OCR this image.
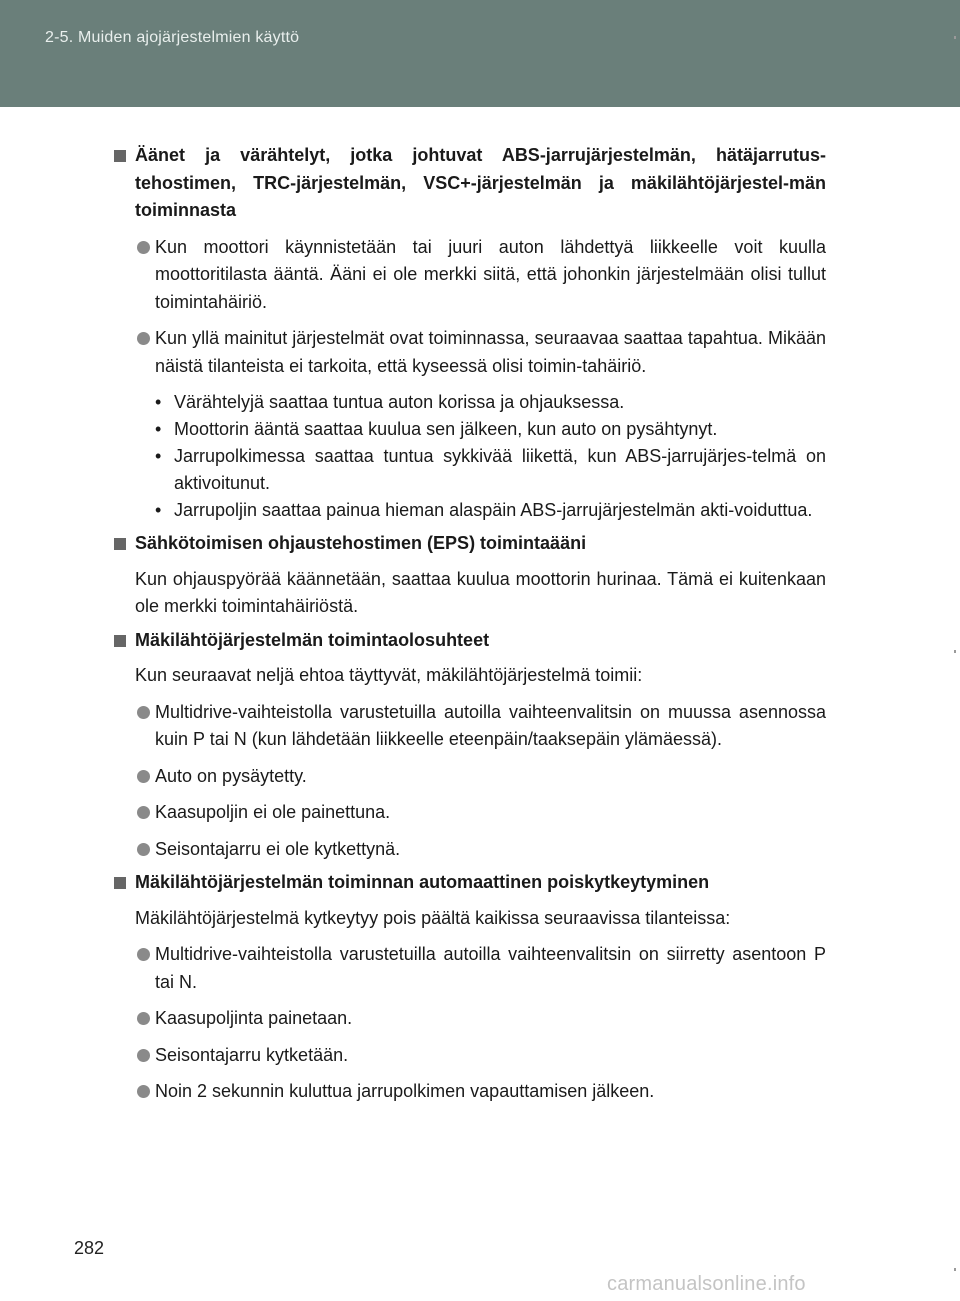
2-5. Muiden ajojärjestelmien käyttö
Äänet ja värähtelyt, jotka johtuvat ABS-jarrujärjestelmän, hätäjarrutus-tehostimen, TRC-järjestelmän, VSC+-järjestelmän ja mäkilähtöjärjestel-män toiminnasta
Kun moottori käynnistetään tai juuri auton lähdettyä liikkeelle voit kuulla moottoritilasta ääntä. Ääni ei ole merkki siitä, että johonkin järjestelmään olisi tullut toimintahäiriö.
Kun yllä mainitut järjestelmät ovat toiminnassa, seuraavaa saattaa tapahtua. Mikään näistä tilanteista ei tarkoita, että kyseessä olisi toimin-tahäiriö.
• Värähtelyjä saattaa tuntua auton korissa ja ohjauksessa.
• Moottorin ääntä saattaa kuulua sen jälkeen, kun auto on pysähtynyt.
• Jarrupolkimessa saattaa tuntua sykkivää liikettä, kun ABS-jarrujärjes-telmä on aktivoitunut.
• Jarrupoljin saattaa painua hieman alaspäin ABS-jarrujärjestelmän akti-voiduttua.
Sähkötoimisen ohjaustehostimen (EPS) toimintaääni
Kun ohjauspyörää käännetään, saattaa kuulua moottorin hurinaa. Tämä ei kuitenkaan ole merkki toimintahäiriöstä.
Mäkilähtöjärjestelmän toimintaolosuhteet
Kun seuraavat neljä ehtoa täyttyvät, mäkilähtöjärjestelmä toimii:
Multidrive-vaihteistolla varustetuilla autoilla vaihteenvalitsin on muussa asennossa kuin P tai N (kun lähdetään liikkeelle eteenpäin/taaksepäin ylämäessä).
Auto on pysäytetty.
Kaasupoljin ei ole painettuna.
Seisontajarru ei ole kytkettynä.
Mäkilähtöjärjestelmän toiminnan automaattinen poiskytkeytyminen
Mäkilähtöjärjestelmä kytkeytyy pois päältä kaikissa seuraavissa tilanteissa:
Multidrive-vaihteistolla varustetuilla autoilla vaihteenvalitsin on siirretty asentoon P tai N.
Kaasupoljinta painetaan.
Seisontajarru kytketään.
Noin 2 sekunnin kuluttua jarrupolkimen vapauttamisen jälkeen.
282
carmanualsonline.info
